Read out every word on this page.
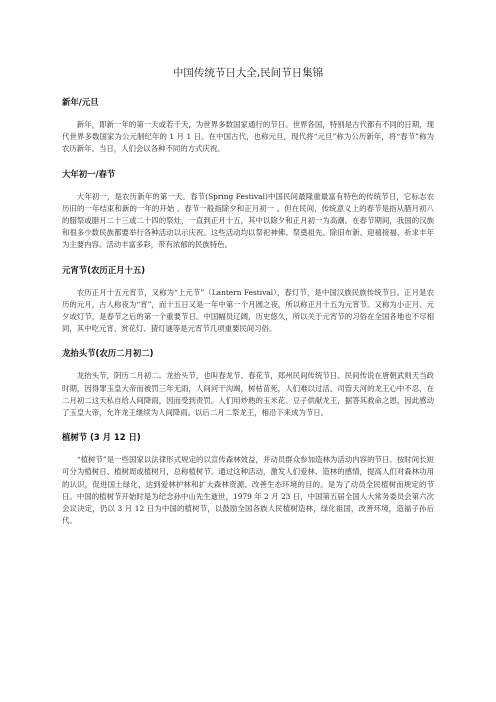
中国传统节日大全,民间节日集锦
新年/元旦

新年，即新一年的第一天或若干天，为世界多数国家通行的节日。世界各国，特别是古代都有不同的日期，现代世界多数国家为公元制纪年的 1 月 1 日。在中国古代，也称元旦，现代将“元旦”称为公历新年，将“春节”称为农历新年。当日，人们会以各种不同的方式庆祝。

大年初一/春节

大年初一，是农历新年的第一天。春节(Spring Festival)中国民间最隆重最富有特色的传统节日，它标志农历旧的一年结束和新的一年的开始 。春节一般指除夕和正月初一 。但在民间，传统意义上的春节是指从腊月初八的腊祭或腊月二十三或二十四的祭灶，一直到正月十五，其中以除夕和正月初一为高潮。在春节期间，我国的汉族和很多少数民族都要举行各种活动以示庆祝。这些活动均以祭祀神佛、祭奠祖先、除旧布新、迎禧接福、祈求丰年为主要内容。活动丰富多彩，带有浓郁的民族特色。

元宵节(农历正月十五)

农历正月十五元宵节，又称为“上元节”（Lantern Festival），春灯节，是中国汉族民族传统节日。正月是农历的元月，古人称夜为“宵”，而十五日又是一年中第一个月圆之夜，所以称正月十五为元宵节。又称为小正月、元夕或灯节，是春节之后的第一个重要节日。中国幅员辽阔，历史悠久，所以关于元宵节的习俗在全国各地也不尽相同，其中吃元宵、赏花灯、猜灯谜等是元宵节几项重要民间习俗。

龙抬头节(农历二月初二)

龙抬头节，阴历二月初二。龙抬头节，也叫春龙节、春花节，郑州民间传统节日。民间传说在唐朝武则天当政时期，因得罪玉皇大帝而被罚三年无雨，人间河干沟竭，树枯苗死，人们难以过活。司管天河的龙王心中不忍，在二月初二这天私自给人间降雨，因而受到责罚。人们用炒熟的玉米花、豆子供献龙王，据答其救命之恩，因此感动了玉皇大帝，允许龙王继续为人间降雨。以后二月二祭龙王，相沿下来成为节日。

植树节 (3 月 12 日)

“植树节”是一些国家以法律形式规定的以宣传森林效益，并动员群众参加造林为活动内容的节日。按时间长短可分为植树日、植树周或植树月，总称植树节。通过这种活动，激发人们爱林、造林的感情，提高人们对森林功用的认识，促进国土绿化，达到爱林护林和扩大森林资源、改善生态环境的目的。是为了动员全民植树而规定的节日。中国的植树节开始时是为纪念孙中山先生逝世，1979 年 2 月 23 日，中国第五届全国人大常务委员会第六次会议决定，仍以 3 月 12 日为中国的植树节，以鼓励全国各族人民植树造林，绿化祖国，改善环境，造福子孙后代。
